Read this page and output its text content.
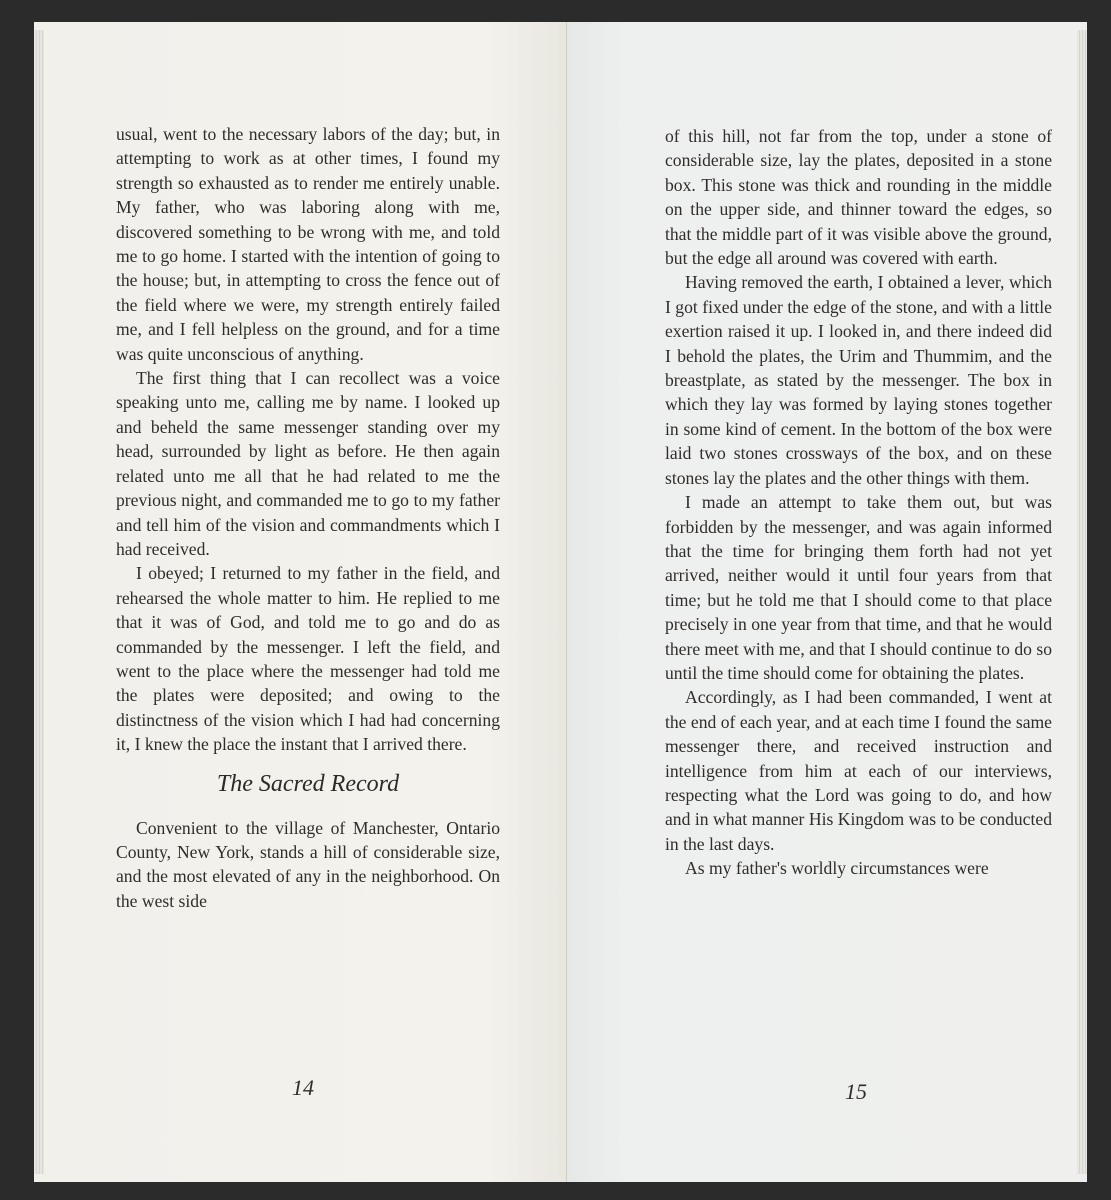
usual, went to the necessary labors of the day; but, in attempting to work as at other times, I found my strength so exhausted as to render me entirely unable. My father, who was laboring along with me, discovered something to be wrong with me, and told me to go home. I started with the intention of going to the house; but, in attempting to cross the fence out of the field where we were, my strength entirely failed me, and I fell helpless on the ground, and for a time was quite unconscious of anything.

The first thing that I can recollect was a voice speaking unto me, calling me by name. I looked up and beheld the same messenger standing over my head, surrounded by light as before. He then again related unto me all that he had related to me the previous night, and commanded me to go to my father and tell him of the vision and commandments which I had received.

I obeyed; I returned to my father in the field, and rehearsed the whole matter to him. He replied to me that it was of God, and told me to go and do as commanded by the messenger. I left the field, and went to the place where the messenger had told me the plates were deposited; and owing to the distinctness of the vision which I had had concerning it, I knew the place the instant that I arrived there.

The Sacred Record

Convenient to the village of Manchester, Ontario County, New York, stands a hill of considerable size, and the most elevated of any in the neighborhood. On the west side

14

of this hill, not far from the top, under a stone of considerable size, lay the plates, deposited in a stone box. This stone was thick and rounding in the middle on the upper side, and thinner toward the edges, so that the middle part of it was visible above the ground, but the edge all around was covered with earth.

Having removed the earth, I obtained a lever, which I got fixed under the edge of the stone, and with a little exertion raised it up. I looked in, and there indeed did I behold the plates, the Urim and Thummim, and the breastplate, as stated by the messenger. The box in which they lay was formed by laying stones together in some kind of cement. In the bottom of the box were laid two stones crossways of the box, and on these stones lay the plates and the other things with them.

I made an attempt to take them out, but was forbidden by the messenger, and was again informed that the time for bringing them forth had not yet arrived, neither would it until four years from that time; but he told me that I should come to that place precisely in one year from that time, and that he would there meet with me, and that I should continue to do so until the time should come for obtaining the plates.

Accordingly, as I had been commanded, I went at the end of each year, and at each time I found the same messenger there, and received instruction and intelligence from him at each of our interviews, respecting what the Lord was going to do, and how and in what manner His Kingdom was to be conducted in the last days.

As my father's worldly circumstances were

15
